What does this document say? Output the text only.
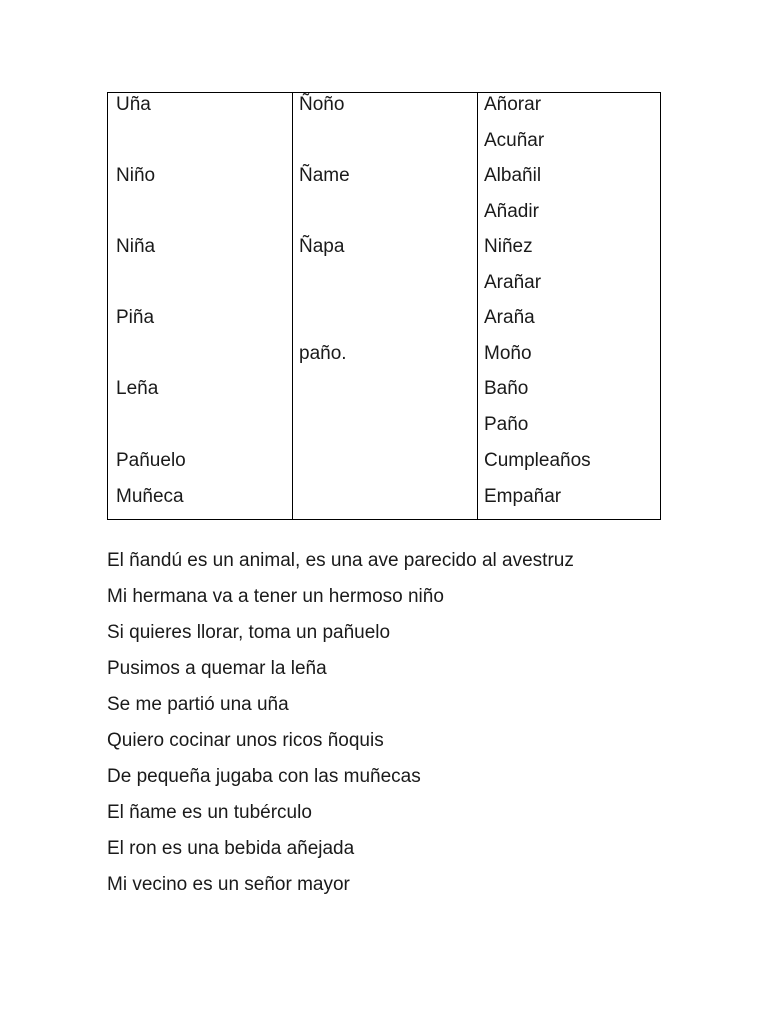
Uña
Niño
Niña
Piña
Leña
Pañuelo
Muñeca
Ñoño
Ñame
Ñapa
paño.
Añorar
Acuñar
Albañil
Añadir
Niñez
Arañar
Araña
Moño
Baño
Paño
Cumpleaños
Empañar
El ñandú es un animal, es una ave parecido al avestruz
Mi hermana va a tener un hermoso niño
Si quieres llorar, toma un pañuelo
Pusimos a quemar la leña
Se me partió una uña
Quiero cocinar unos ricos ñoquis
De pequeña jugaba con las muñecas
El ñame es un tubérculo
El ron es una bebida añejada
Mi vecino es un señor mayor
